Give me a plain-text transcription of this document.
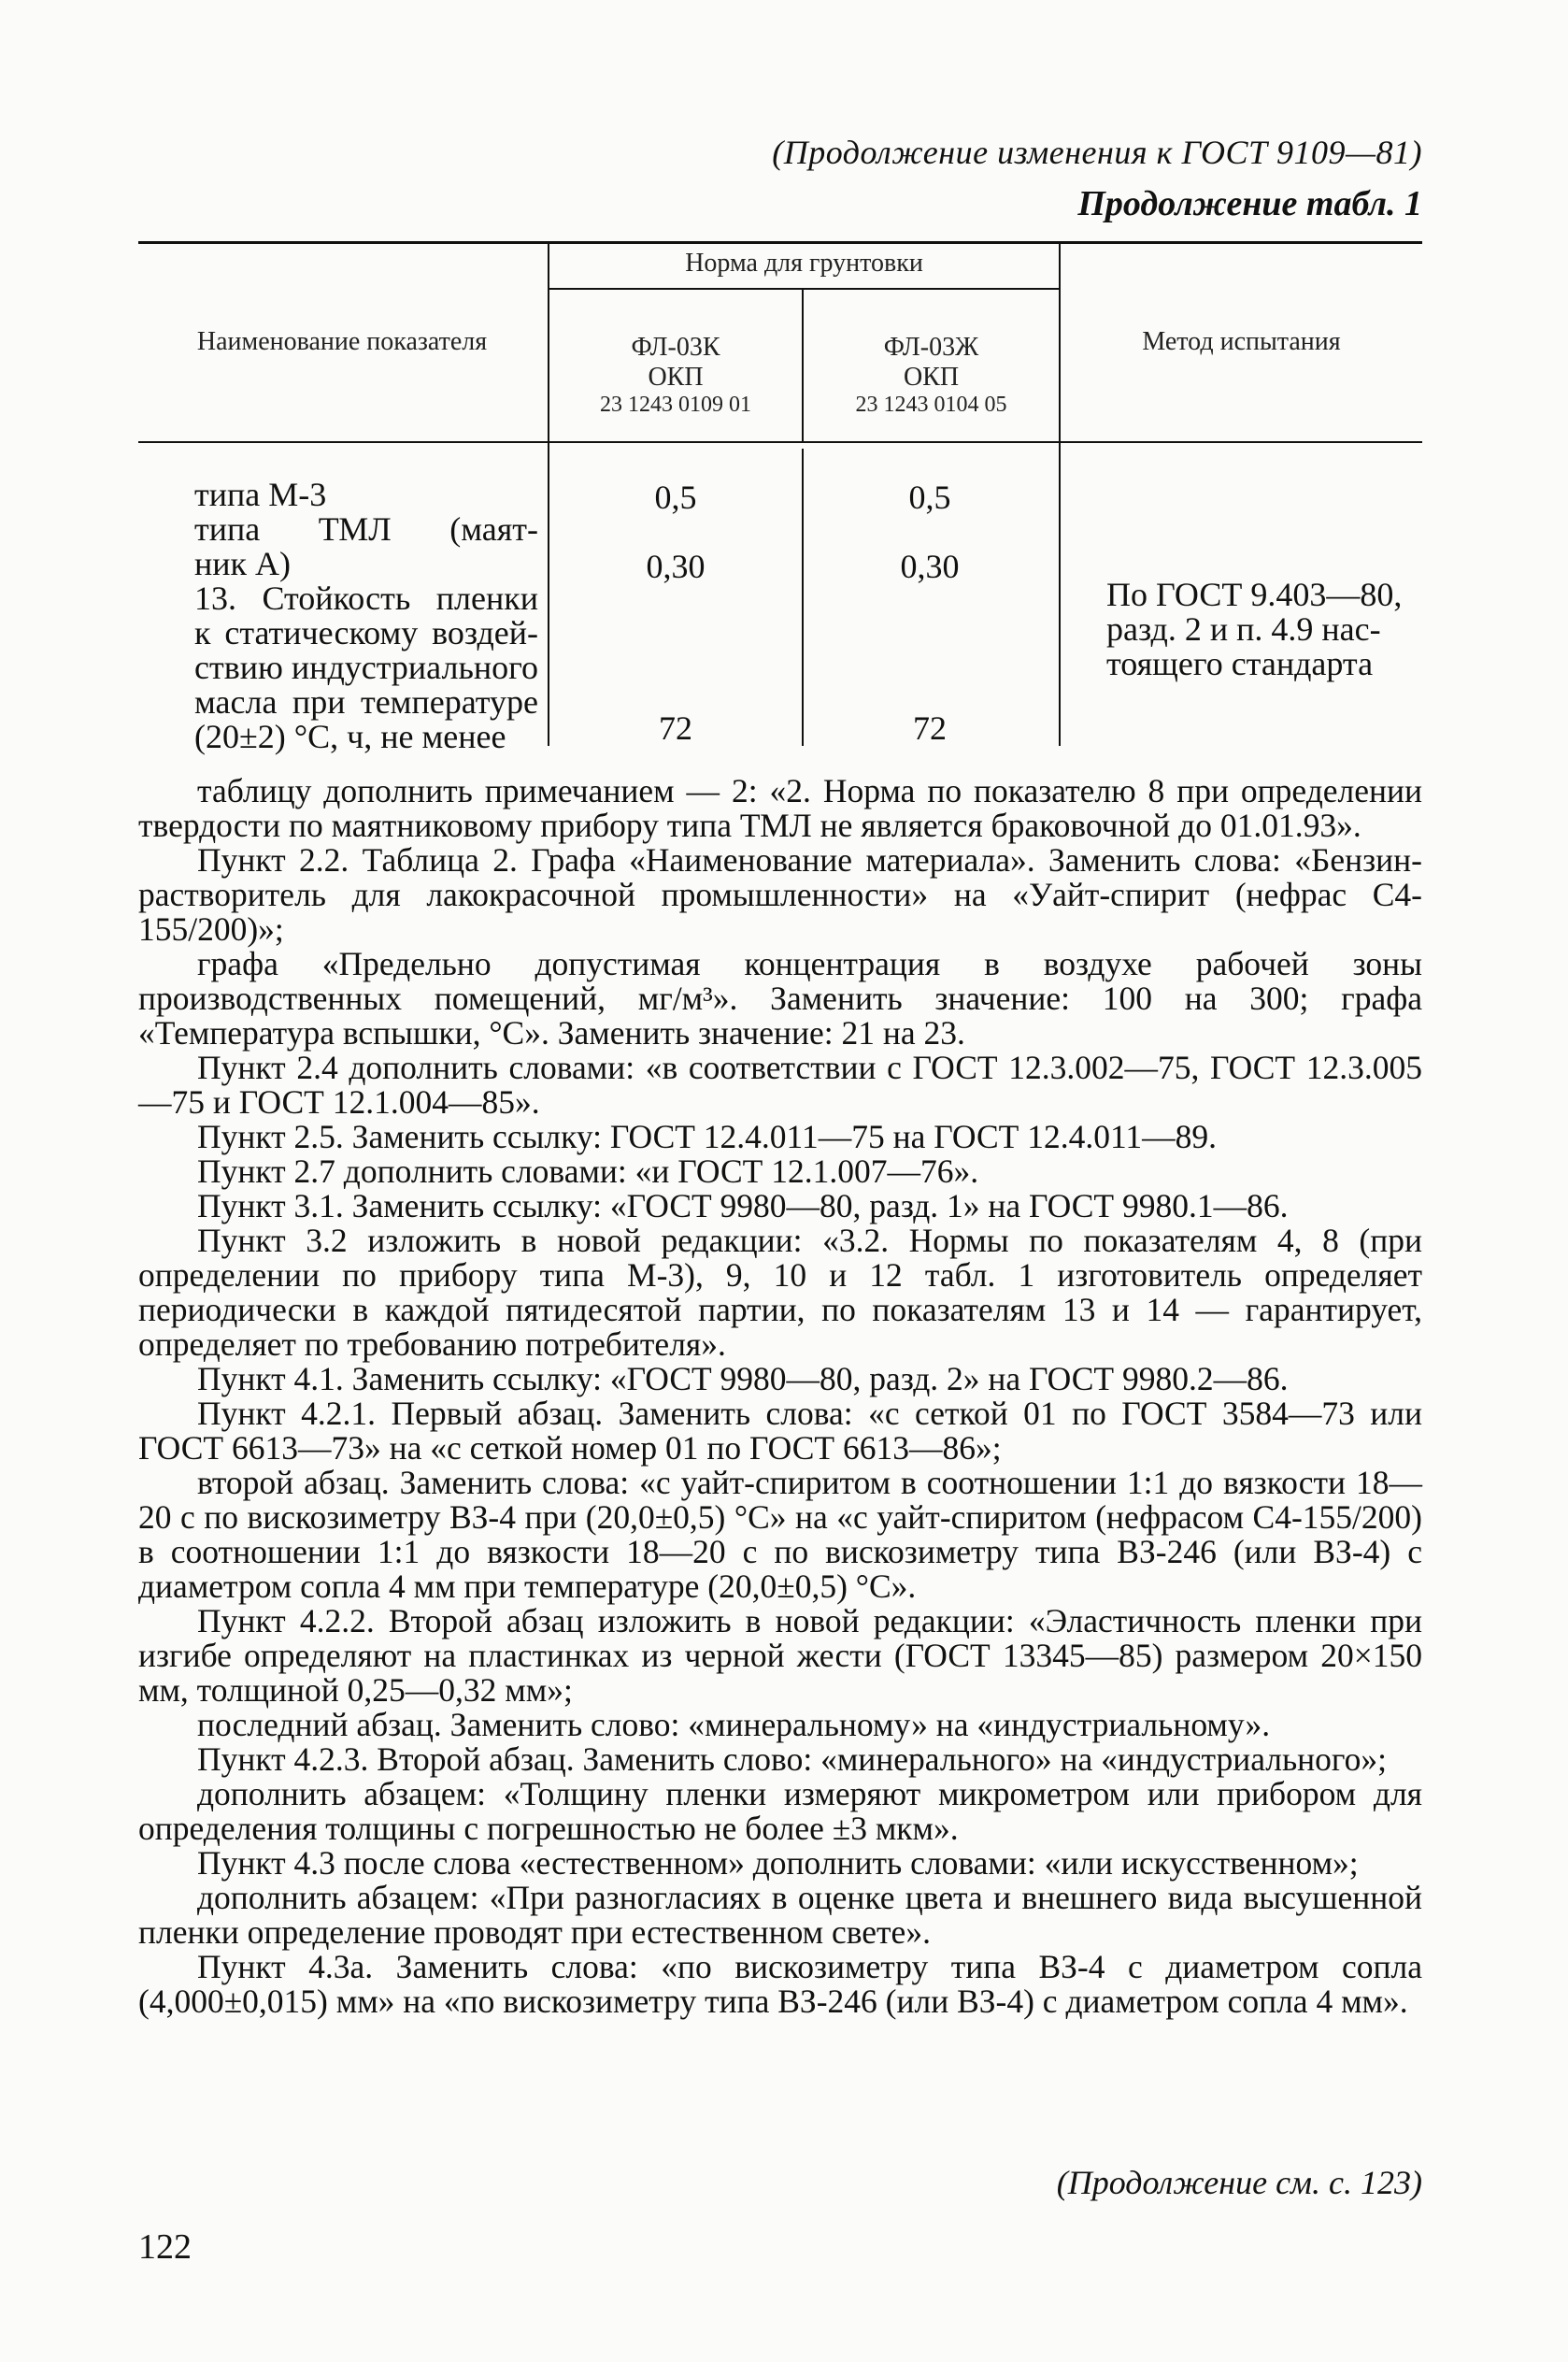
(Продолжение изменения к ГОСТ 9109—81)
Продолжение табл. 1
Наименование показателя
Норма для грунтовки
ФЛ-03К
ОКП
23 1243 0109 01
ФЛ-03Ж
ОКП
23 1243 0104 05
Метод испытания

типа М-3

типа ТМЛ (маят-

ник А)

13. Стойкость пленки

к статическому воздей-

ствию индустриального

масла при температуре

(20±2) °С, ч, не менее

0,5
0,30
72
0,5
0,30
72

По ГОСТ 9.403—80,

разд. 2 и п. 4.9 нас-

тоящего стандарта

таблицу дополнить примечанием — 2: «2. Норма по показателю 8 при определении твердости по маятниковому прибору типа ТМЛ не является браковочной до 01.01.93».

Пункт 2.2. Таблица 2. Графа «Наименование материала». Заменить слова: «Бензин-растворитель для лакокрасочной промышленности» на «Уайт-спирит (нефрас С4-155/200)»;

графа «Предельно допустимая концентрация в воздухе рабочей зоны производственных помещений, мг/м³». Заменить значение: 100 на 300; графа «Температура вспышки, °С». Заменить значение: 21 на 23.

Пункт 2.4 дополнить словами: «в соответствии с ГОСТ 12.3.002—75, ГОСТ 12.3.005—75 и ГОСТ 12.1.004—85».

Пункт 2.5. Заменить ссылку: ГОСТ 12.4.011—75 на ГОСТ 12.4.011—89.

Пункт 2.7 дополнить словами: «и ГОСТ 12.1.007—76».

Пункт 3.1. Заменить ссылку: «ГОСТ 9980—80, разд. 1» на ГОСТ 9980.1—86.

Пункт 3.2 изложить в новой редакции: «3.2. Нормы по показателям 4, 8 (при определении по прибору типа М-3), 9, 10 и 12 табл. 1 изготовитель определяет периодически в каждой пятидесятой партии, по показателям 13 и 14 — гарантирует, определяет по требованию потребителя».

Пункт 4.1. Заменить ссылку: «ГОСТ 9980—80, разд. 2» на ГОСТ 9980.2—86.

Пункт 4.2.1. Первый абзац. Заменить слова: «с сеткой 01 по ГОСТ 3584—73 или ГОСТ 6613—73» на «с сеткой номер 01 по ГОСТ 6613—86»;

второй абзац. Заменить слова: «с уайт-спиритом в соотношении 1:1 до вязкости 18—20 с по вискозиметру ВЗ-4 при (20,0±0,5) °С» на «с уайт-спиритом (нефрасом С4-155/200) в соотношении 1:1 до вязкости 18—20 с по вискозиметру типа ВЗ-246 (или ВЗ-4) с диаметром сопла 4 мм при температуре (20,0±0,5) °С».

Пункт 4.2.2. Второй абзац изложить в новой редакции: «Эластичность пленки при изгибе определяют на пластинках из черной жести (ГОСТ 13345—85) размером 20×150 мм, толщиной 0,25—0,32 мм»;

последний абзац. Заменить слово: «минеральному» на «индустриальному».

Пункт 4.2.3. Второй абзац. Заменить слово: «минерального» на «индустриального»;

дополнить абзацем: «Толщину пленки измеряют микрометром или прибором для определения толщины с погрешностью не более ±3 мкм».

Пункт 4.3 после слова «естественном» дополнить словами: «или искусственном»;

дополнить абзацем: «При разногласиях в оценке цвета и внешнего вида высушенной пленки определение проводят при естественном свете».

Пункт 4.3а. Заменить слова: «по вискозиметру типа ВЗ-4 с диаметром сопла (4,000±0,015) мм» на «по вискозиметру типа ВЗ-246 (или ВЗ-4) с диаметром сопла 4 мм».

(Продолжение см. с. 123)
122
